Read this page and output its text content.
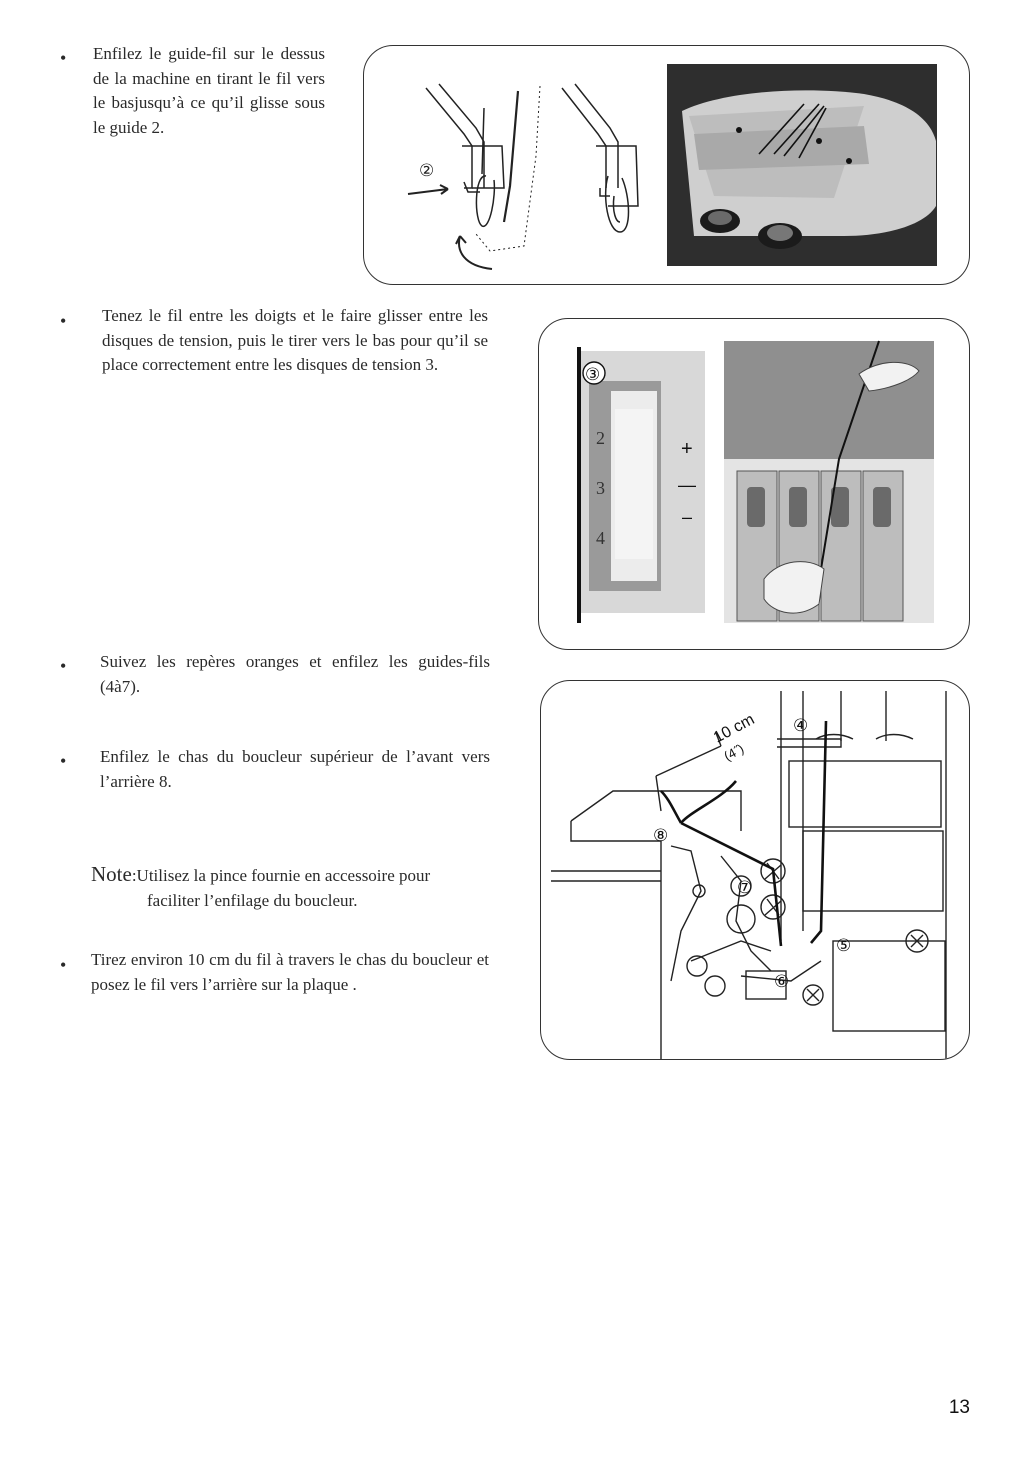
• Enfilez le guide-fil sur le dessus de la machine en tirant le fil vers le basjusqu’à ce qu’il glisse sous le guide 2.
②
• Tenez le fil entre les doigts et le faire glisser entre les disques de tension, puis le tirer vers le bas pour qu’il se place correctement entre les disques de tension 3.
2
3
4
+
—
–
③
• Suivez les repères oranges et enfilez les guides-fils (4à7).
• Enfilez le chas du boucleur supérieur de l’avant vers l’arrière 8.
Note:Utilisez la pince fournie en accessoire pour
faciliter l’enfilage du boucleur.
• Tirez environ 10 cm du fil à travers le chas du boucleur et posez le fil vers l’arrière sur la plaque .
④
⑤
⑥
⑦
⑧
10 cm
(4˝)
13
